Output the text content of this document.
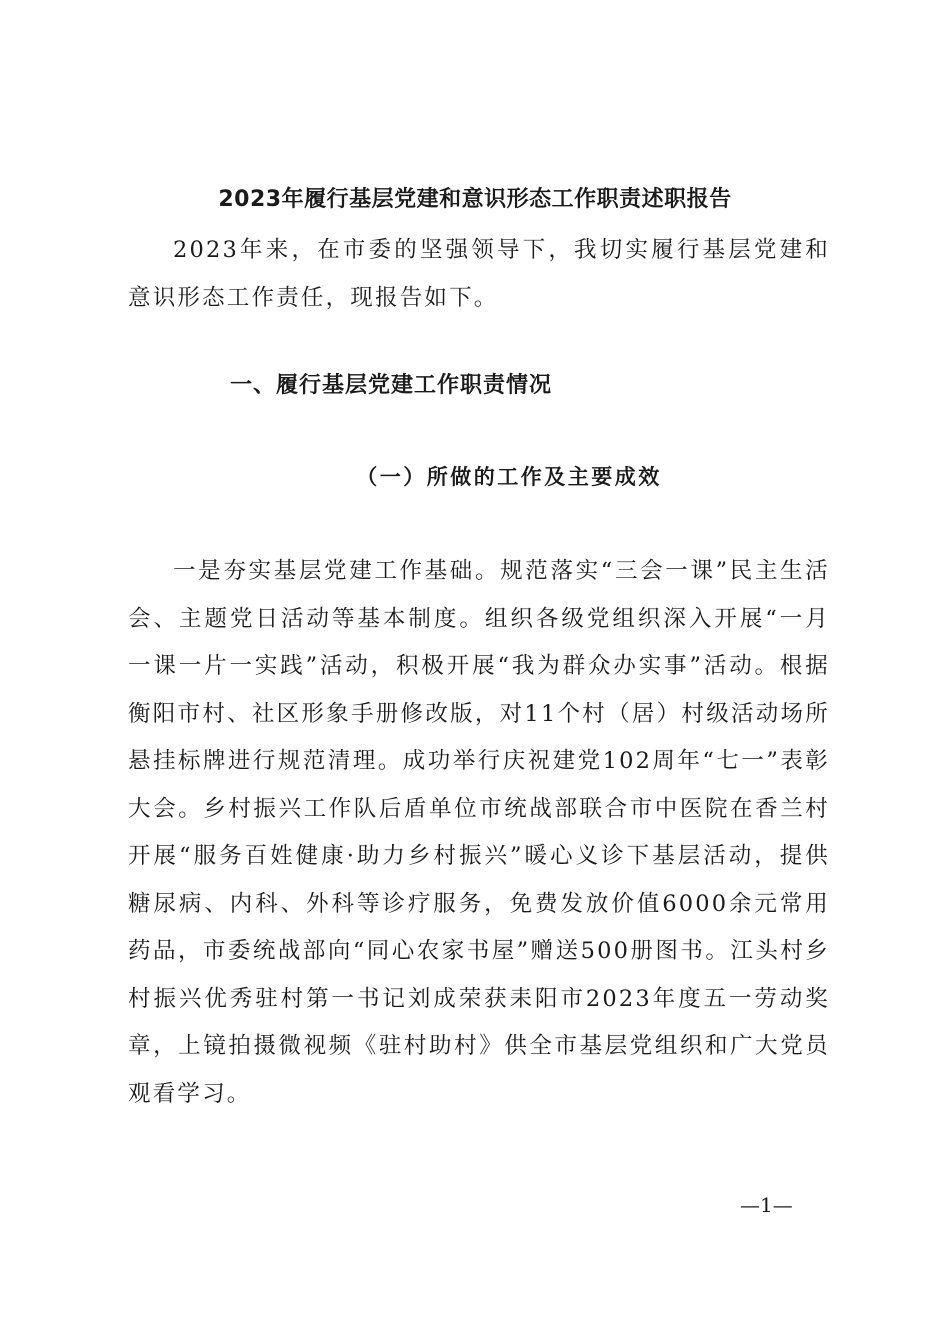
2023年履行基层党建和意识形态工作职责述职报告

2023年来，在市委的坚强领导下，我切实履行基层党建和意识形态工作责任，现报告如下。

一、履行基层党建工作职责情况
（一）所做的工作及主要成效

一是夯实基层党建工作基础。规范落实“三会一课”民主生活会、主题党日活动等基本制度。组织各级党组织深入开展“一月一课一片一实践”活动，积极开展“我为群众办实事”活动。根据衡阳市村、社区形象手册修改版，对11个村（居）村级活动场所悬挂标牌进行规范清理。成功举行庆祝建党102周年“七一”表彰大会。乡村振兴工作队后盾单位市统战部联合市中医院在香兰村开展“服务百姓健康·助力乡村振兴”暖心义诊下基层活动，提供糖尿病、内科、外科等诊疗服务，免费发放价值6000余元常用药品，市委统战部向“同心农家书屋”赠送500册图书。江头村乡村振兴优秀驻村第一书记刘成荣获耒阳市2023年度五一劳动奖章，上镜拍摄微视频《驻村助村》供全市基层党组织和广大党员观看学习。

—1—
